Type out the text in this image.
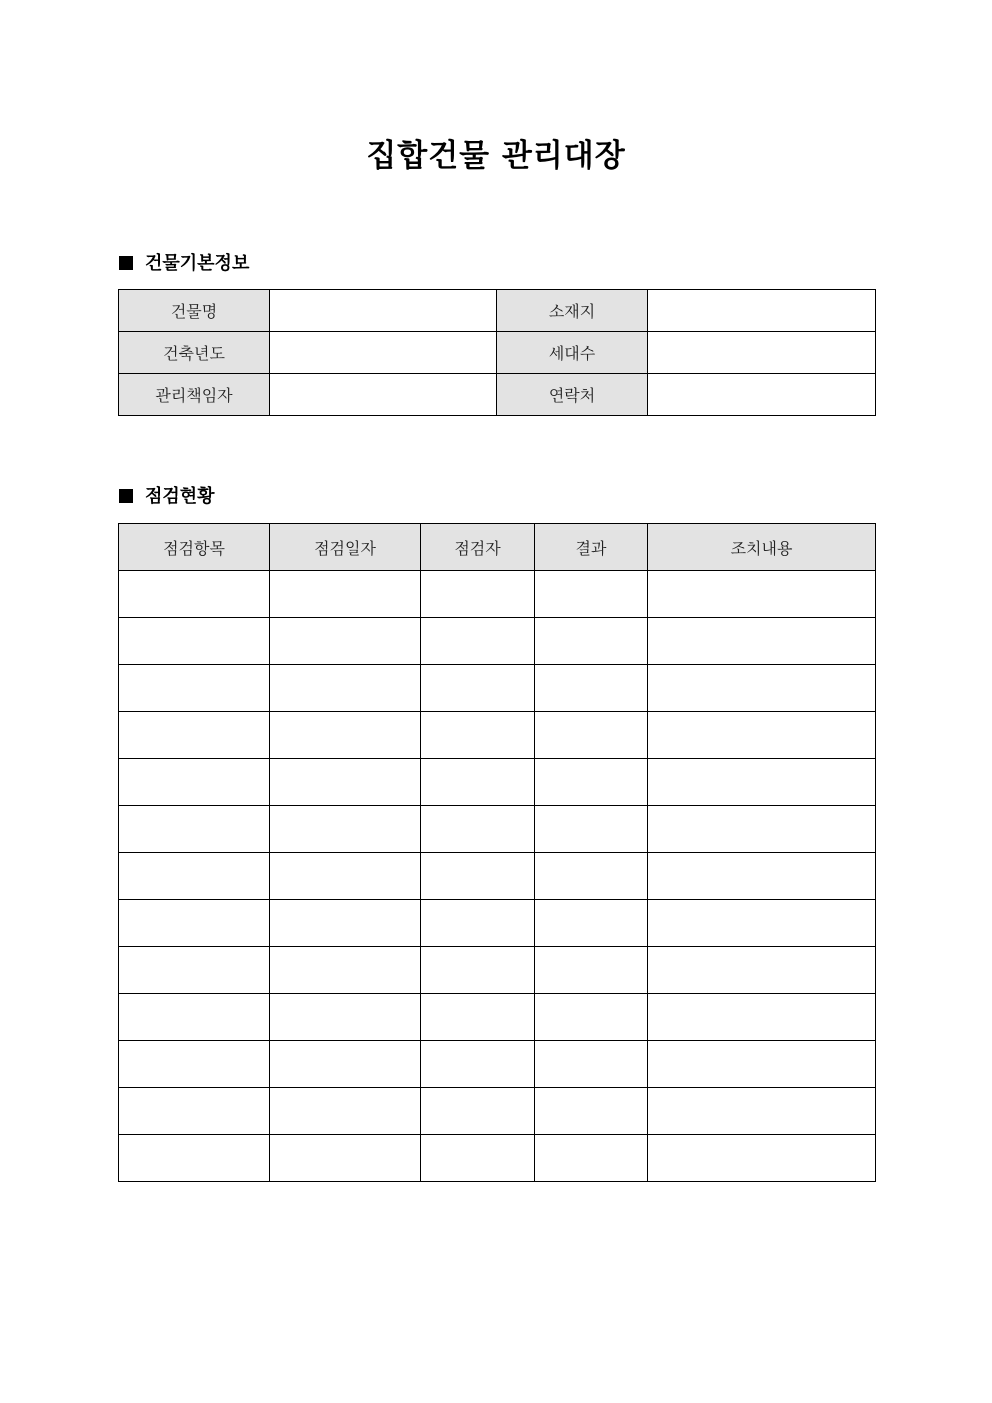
집합건물 관리대장
건물기본정보
건물명		소재지	
건축년도		세대수	
관리책임자		연락처	
점검현황
점검항목	점검일자	점검자	결과	조치내용
